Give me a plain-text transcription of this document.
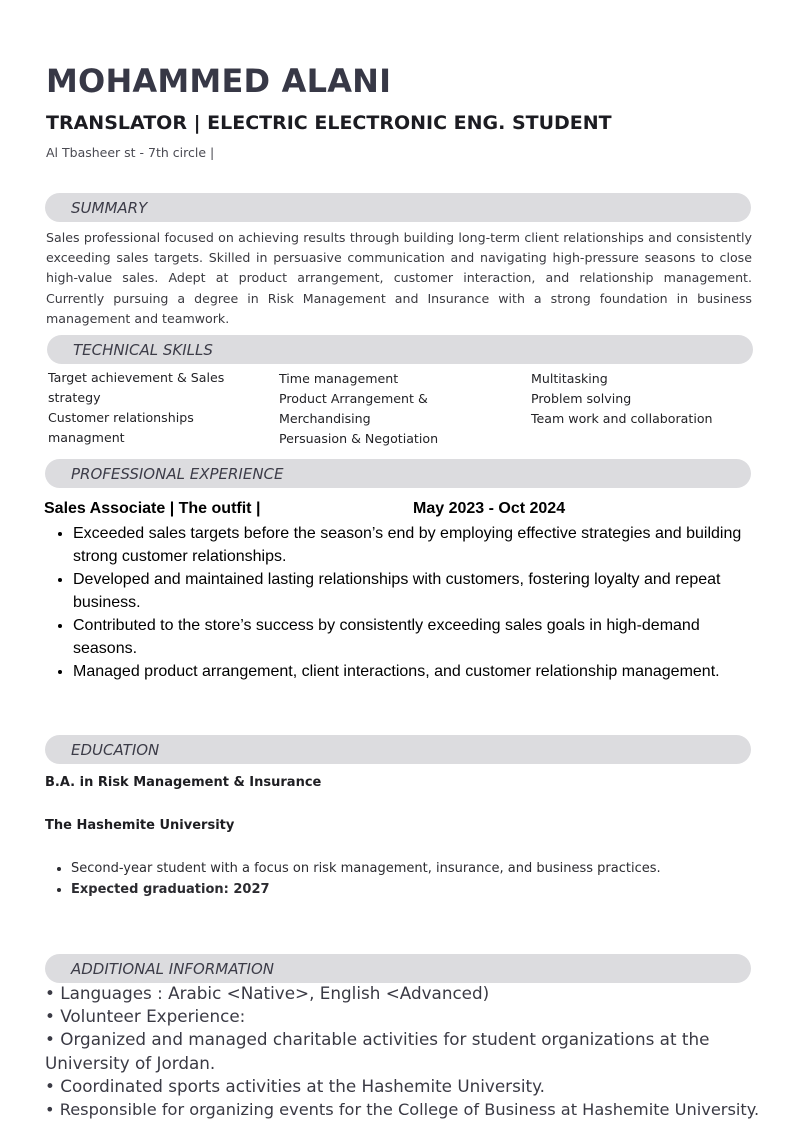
MOHAMMED ALANI
TRANSLATOR | ELECTRIC ELECTRONIC ENG. STUDENT
Al Tbasheer st - 7th circle |
SUMMARY
Sales professional focused on achieving results through building long-term client relationships and consistently exceeding sales targets. Skilled in persuasive communication and navigating high-pressure seasons to close high-value sales. Adept at product arrangement, customer interaction, and relationship management. Currently pursuing a degree in Risk Management and Insurance with a strong foundation in business management and teamwork.
TECHNICAL SKILLS
Target achievement & Sales strategy
Customer relationships managment
Time management
Product Arrangement & Merchandising
Persuasion & Negotiation
Multitasking
Problem solving
Team work and collaboration
PROFESSIONAL EXPERIENCE
Sales Associate | The outfit |	May 2023 - Oct 2024
• Exceeded sales targets before the season’s end by employing effective strategies and building strong customer relationships.
• Developed and maintained lasting relationships with customers, fostering loyalty and repeat business.
• Contributed to the store’s success by consistently exceeding sales goals in high-demand seasons.
• Managed product arrangement, client interactions, and customer relationship management.
EDUCATION
B.A. in Risk Management & Insurance
The Hashemite University
• Second-year student with a focus on risk management, insurance, and business practices.
• Expected graduation: 2027
ADDITIONAL INFORMATION
• Languages : Arabic <Native>, English <Advanced)
• Volunteer Experience:
• Organized and managed charitable activities for student organizations at the University of Jordan.
• Coordinated sports activities at the Hashemite University.
• Responsible for organizing events for the College of Business at Hashemite University.
